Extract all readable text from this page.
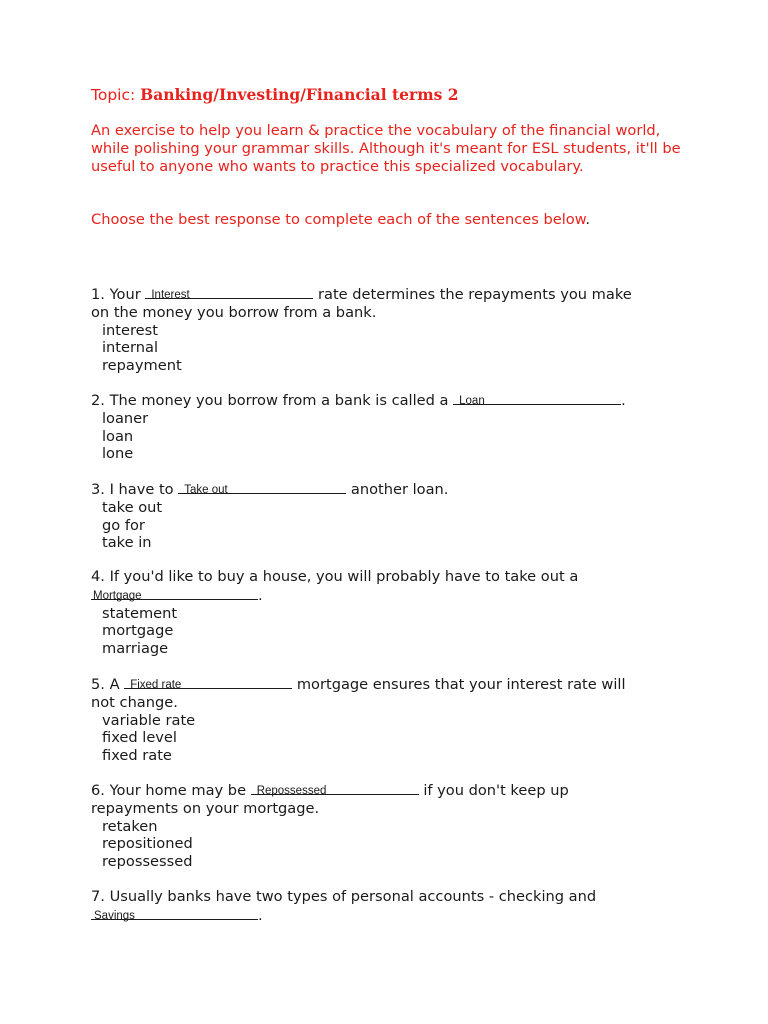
Topic: Banking/Investing/Financial terms 2
An exercise to help you learn & practice the vocabulary of the financial world, while polishing your grammar skills. Although it's meant for ESL students, it'll be useful to anyone who wants to practice this specialized vocabulary.
Choose the best response to complete each of the sentences below.
1. Your Interest	rate determines the repayments you make
on the money you borrow from a bank.
interest
internal
repayment
2. The money you borrow from a bank is called a Loan	.
loaner
loan
lone
3. I have to Take out	another loan.
take out
go for
take in
4. If you'd like to buy a house, you will probably have to take out a
Mortgage	.
statement
mortgage
marriage
5. A Fixed rate	mortgage ensures that your interest rate will
not change.
variable rate
fixed level
fixed rate
6. Your home may be Repossessed	if you don't keep up
repayments on your mortgage.
retaken
repositioned
repossessed
7. Usually banks have two types of personal accounts - checking and
Savings	.
